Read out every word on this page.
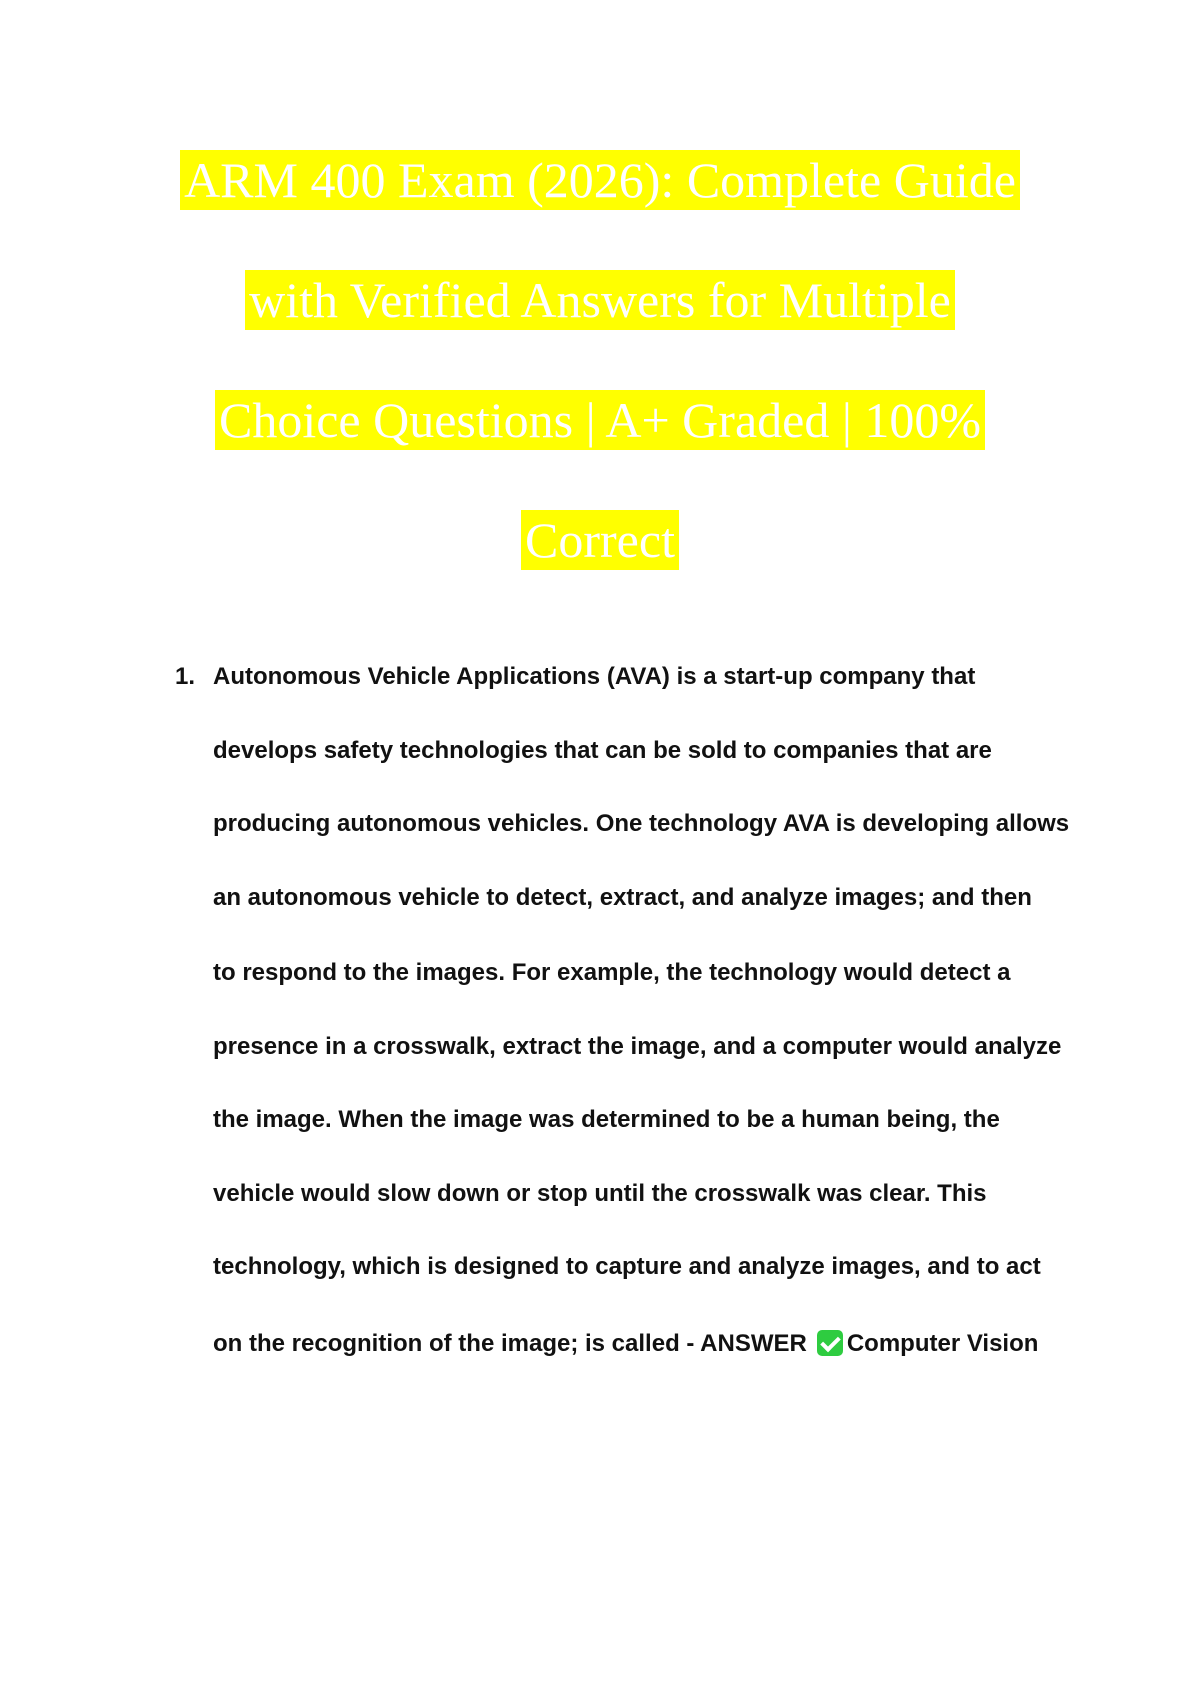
ARM 400 Exam (2026): Complete Guide
with Verified Answers for Multiple
Choice Questions | A+ Graded | 100%
Correct
1. Autonomous Vehicle Applications (AVA) is a start-up company that
develops safety technologies that can be sold to companies that are
producing autonomous vehicles. One technology AVA is developing allows
an autonomous vehicle to detect, extract, and analyze images; and then
to respond to the images. For example, the technology would detect a
presence in a crosswalk, extract the image, and a computer would analyze
the image. When the image was determined to be a human being, the
vehicle would slow down or stop until the crosswalk was clear. This
technology, which is designed to capture and analyze images, and to act
on the recognition of the image; is called - ANSWER Computer Vision
